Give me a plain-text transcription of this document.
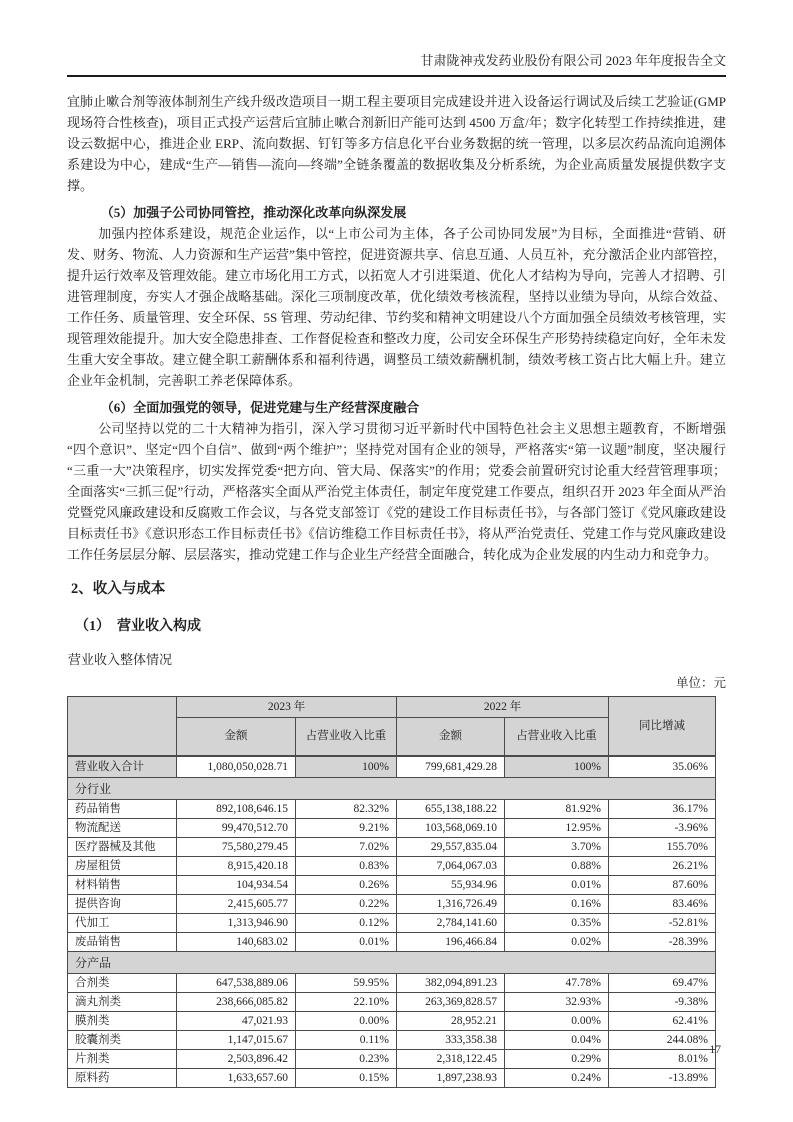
甘肃陇神戎发药业股份有限公司 2023 年年度报告全文

宜肺止嗽合剂等液体制剂生产线升级改造项目一期工程主要项目完成建设并进入设备运行调试及后续工艺验证(GMP 现场符合性核查)，项目正式投产运营后宜肺止嗽合剂新旧产能可达到 4500 万盒/年；数字化转型工作持续推进，建设云数据中心，推进企业 ERP、流向数据、钉钉等多方信息化平台业务数据的统一管理，以多层次药品流向追溯体系建设为中心，建成“生产—销售—流向—终端”全链条覆盖的数据收集及分析系统，为企业高质量发展提供数字支撑。

（5）加强子公司协同管控，推动深化改革向纵深发展

加强内控体系建设，规范企业运作，以“上市公司为主体，各子公司协同发展”为目标，全面推进“营销、研发、财务、物流、人力资源和生产运营”集中管控，促进资源共享、信息互通、人员互补，充分激活企业内部管控，提升运行效率及管理效能。建立市场化用工方式，以拓宽人才引进渠道、优化人才结构为导向，完善人才招聘、引进管理制度，夯实人才强企战略基础。深化三项制度改革，优化绩效考核流程，坚持以业绩为导向，从综合效益、工作任务、质量管理、安全环保、5S 管理、劳动纪律、节约奖和精神文明建设八个方面加强全员绩效考核管理，实现管理效能提升。加大安全隐患排查、工作督促检查和整改力度，公司安全环保生产形势持续稳定向好，全年未发生重大安全事故。建立健全职工薪酬体系和福利待遇，调整员工绩效薪酬机制，绩效考核工资占比大幅上升。建立企业年金机制，完善职工养老保障体系。

（6）全面加强党的领导，促进党建与生产经营深度融合

公司坚持以党的二十大精神为指引，深入学习贯彻习近平新时代中国特色社会主义思想主题教育，不断增强“四个意识”、坚定“四个自信”、做到“两个维护”；坚持党对国有企业的领导，严格落实“第一议题”制度，坚决履行“三重一大”决策程序，切实发挥党委“把方向、管大局、保落实”的作用；党委会前置研究讨论重大经营管理事项；全面落实“三抓三促”行动，严格落实全面从严治党主体责任，制定年度党建工作要点，组织召开 2023 年全面从严治党暨党风廉政建设和反腐败工作会议，与各党支部签订《党的建设工作目标责任书》，与各部门签订《党风廉政建设目标责任书》《意识形态工作目标责任书》《信访维稳工作目标责任书》，将从严治党责任、党建工作与党风廉政建设工作任务层层分解、层层落实，推动党建工作与企业生产经营全面融合，转化成为企业发展的内生动力和竞争力。

2、收入与成本

（1）　营业收入构成

营业收入整体情况

单位：元

	2023 年		2022 年		同比增减
	金额	占营业收入比重	金额	占营业收入比重	
营业收入合计	1,080,050,028.71	100%	799,681,429.28	100%	35.06%
分行业					
药品销售	892,108,646.15	82.32%	655,138,188.22	81.92%	36.17%
物流配送	99,470,512.70	9.21%	103,568,069.10	12.95%	-3.96%
医疗器械及其他	75,580,279.45	7.02%	29,557,835.04	3.70%	155.70%
房屋租赁	8,915,420.18	0.83%	7,064,067.03	0.88%	26.21%
材料销售	104,934.54	0.26%	55,934.96	0.01%	87.60%
提供咨询	2,415,605.77	0.22%	1,316,726.49	0.16%	83.46%
代加工	1,313,946.90	0.12%	2,784,141.60	0.35%	-52.81%
废品销售	140,683.02	0.01%	196,466.84	0.02%	-28.39%
分产品					
合剂类	647,538,889.06	59.95%	382,094,891.23	47.78%	69.47%
滴丸剂类	238,666,085.82	22.10%	263,369,828.57	32.93%	-9.38%
膜剂类	47,021.93	0.00%	28,952.21	0.00%	62.41%
胶囊剂类	1,147,015.67	0.11%	333,358.38	0.04%	244.08%
片剂类	2,503,896.42	0.23%	2,318,122.45	0.29%	8.01%
原料药	1,633,657.60	0.15%	1,897,238.93	0.24%	-13.89%
17
